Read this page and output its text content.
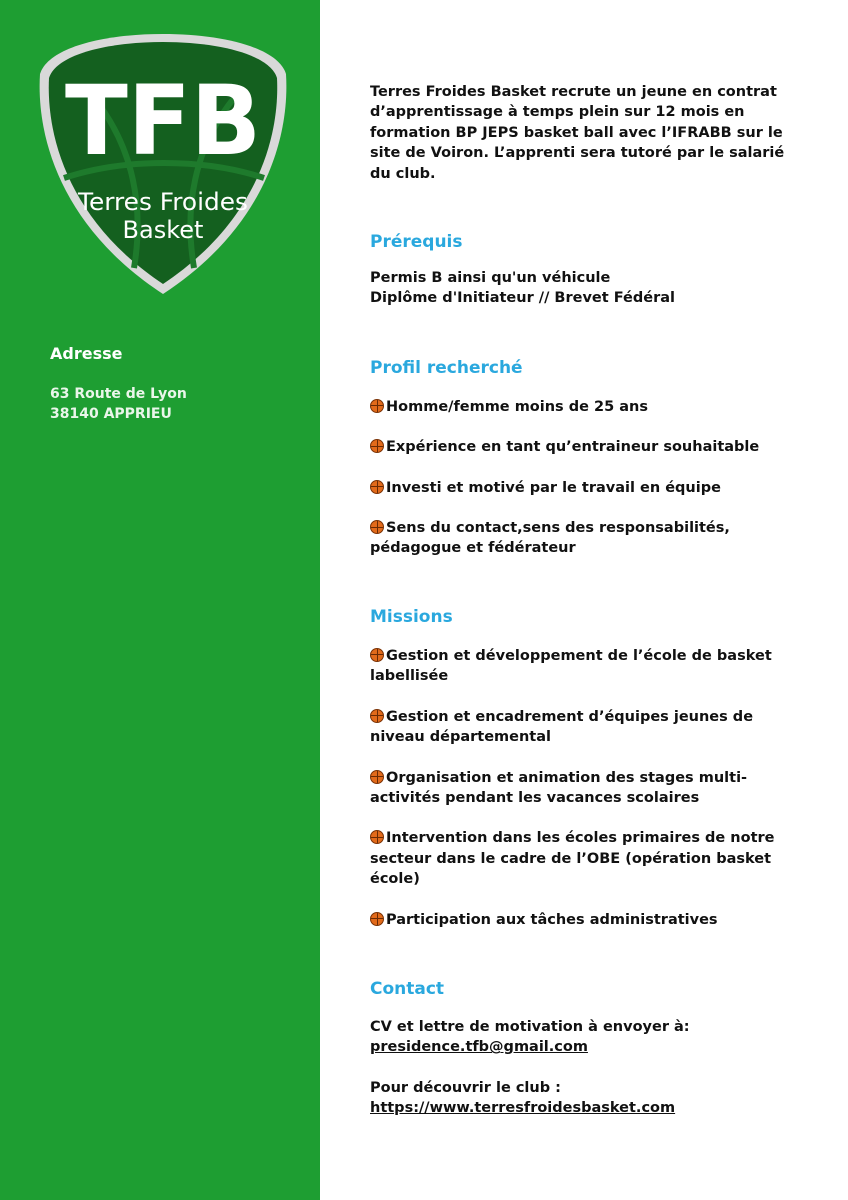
TFB
Terres Froides
Basket
Adresse
63 Route de Lyon
38140 APPRIEU

Terres Froides Basket recrute un jeune en contrat

d’apprentissage à temps plein sur 12 mois en

formation BP JEPS basket ball avec l’IFRABB sur le

site de Voiron. L’apprenti sera tutoré par le salarié

du club.

Prérequis

Permis B ainsi qu'un véhicule

Diplôme d'Initiateur // Brevet Fédéral

Profil recherché

Homme/femme moins de 25 ans

Expérience en tant qu’entraineur souhaitable

Investi et motivé par le travail en équipe

Sens du contact,sens des responsabilités,

pédagogue et fédérateur

Missions

Gestion et développement de l’école de basket

labellisée

Gestion et encadrement d’équipes jeunes de

niveau départemental

Organisation et animation des stages multi-

activités pendant les vacances scolaires

Intervention dans les écoles primaires de notre

secteur dans le cadre de l’OBE (opération basket

école)

Participation aux tâches administratives

Contact

CV et lettre de motivation à envoyer à:

presidence.tfb@gmail.com

Pour découvrir le club :

https://www.terresfroidesbasket.com
